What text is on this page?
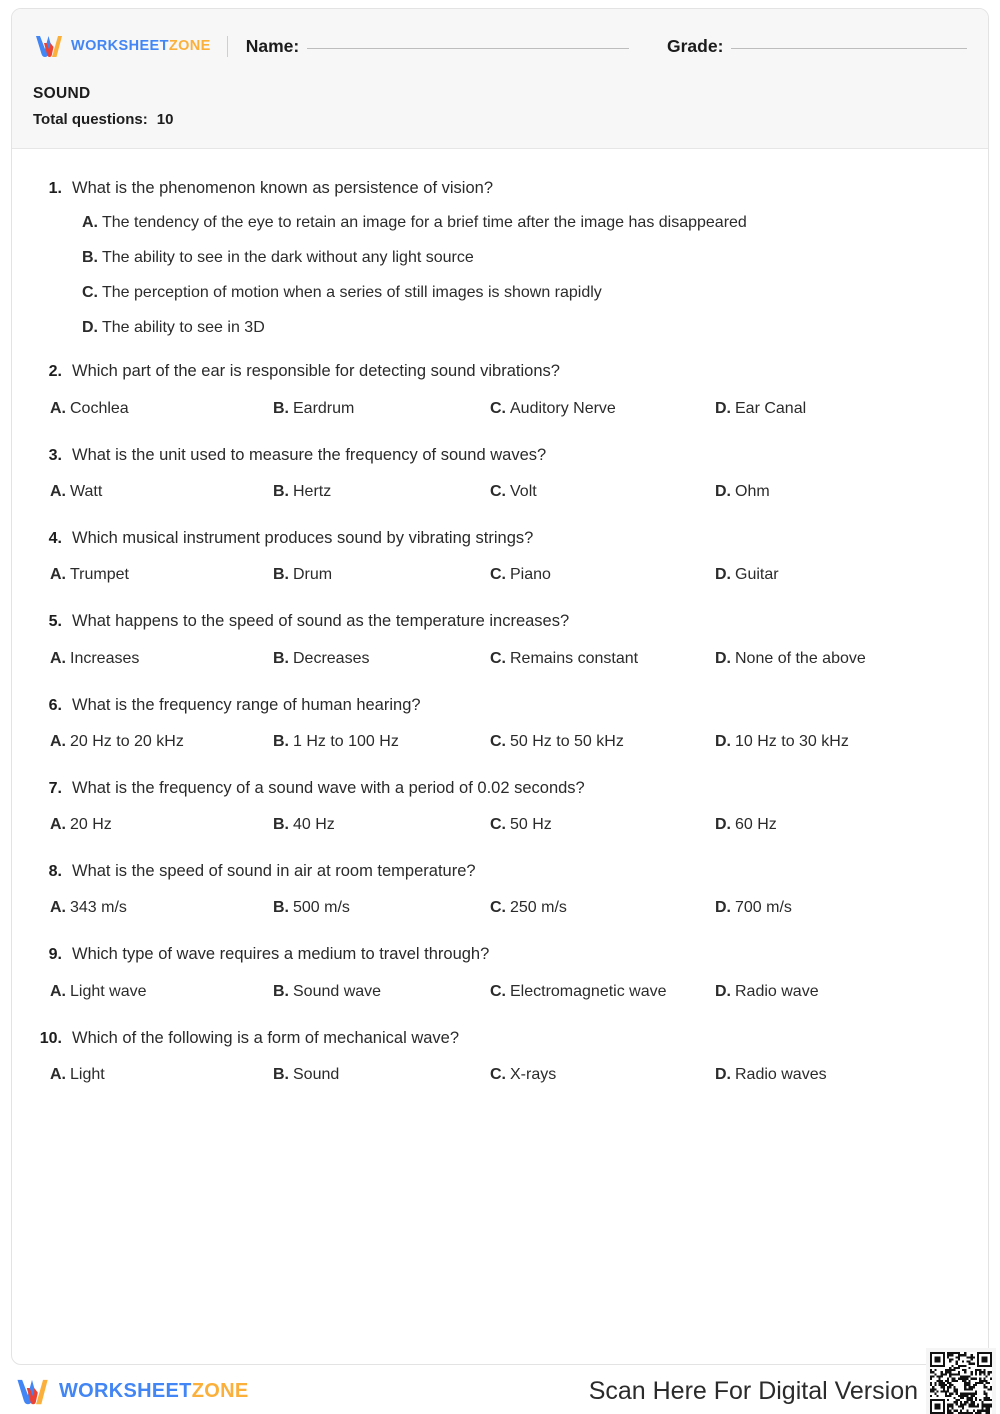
WORKSHEETZONE Name:	Grade:
SOUND
Total questions: 10
1. What is the phenomenon known as persistence of vision?
A. The tendency of the eye to retain an image for a brief time after the image has disappeared
B. The ability to see in the dark without any light source
C. The perception of motion when a series of still images is shown rapidly
D. The ability to see in 3D
2. Which part of the ear is responsible for detecting sound vibrations?
A. Cochlea	B. Eardrum	C. Auditory Nerve	D. Ear Canal
3. What is the unit used to measure the frequency of sound waves?
A. Watt	B. Hertz	C. Volt	D. Ohm
4. Which musical instrument produces sound by vibrating strings?
A. Trumpet	B. Drum	C. Piano	D. Guitar
5. What happens to the speed of sound as the temperature increases?
A. Increases	B. Decreases	C. Remains constant	D. None of the above
6. What is the frequency range of human hearing?
A. 20 Hz to 20 kHz	B. 1 Hz to 100 Hz	C. 50 Hz to 50 kHz	D. 10 Hz to 30 kHz
7. What is the frequency of a sound wave with a period of 0.02 seconds?
A. 20 Hz	B. 40 Hz	C. 50 Hz	D. 60 Hz
8. What is the speed of sound in air at room temperature?
A. 343 m/s	B. 500 m/s	C. 250 m/s	D. 700 m/s
9. Which type of wave requires a medium to travel through?
A. Light wave	B. Sound wave	C. Electromagnetic wave	D. Radio wave
10. Which of the following is a form of mechanical wave?
A. Light	B. Sound	C. X-rays	D. Radio waves
WORKSHEETZONE	Scan Here For Digital Version
